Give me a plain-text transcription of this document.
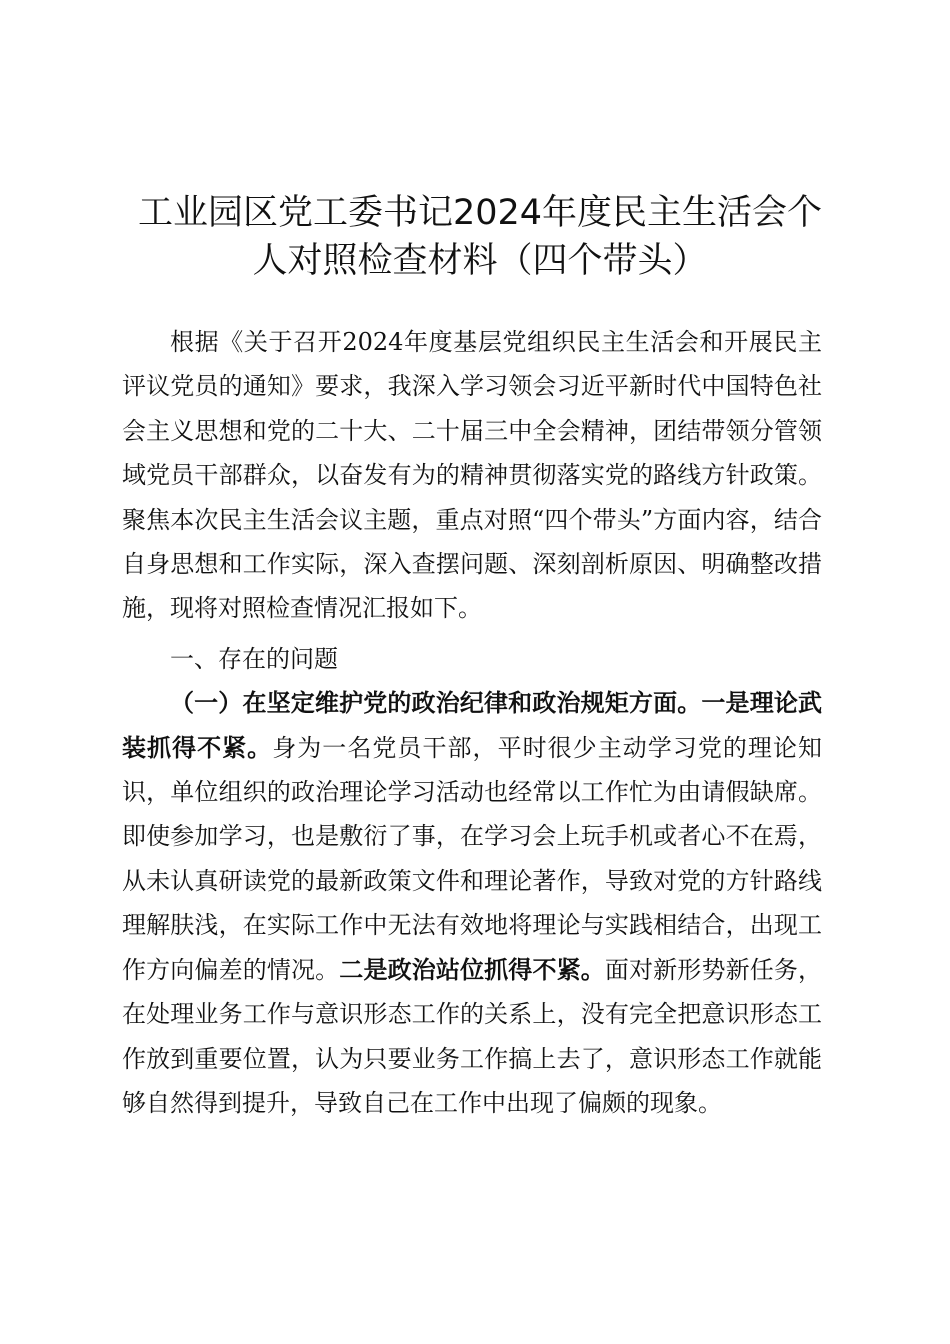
工业园区党工委书记2024年度民主生活会个
人对照检查材料（四个带头）

根据《关于召开2024年度基层党组织民主生活会和开展民主评议党员的通知》要求，我深入学习领会习近平新时代中国特色社会主义思想和党的二十大、二十届三中全会精神，团结带领分管领域党员干部群众，以奋发有为的精神贯彻落实党的路线方针政策。聚焦本次民主生活会议主题，重点对照“四个带头”方面内容，结合自身思想和工作实际，深入查摆问题、深刻剖析原因、明确整改措施，现将对照检查情况汇报如下。

一、存在的问题

（一）在坚定维护党的政治纪律和政治规矩方面。一是理论武装抓得不紧。身为一名党员干部，平时很少主动学习党的理论知识，单位组织的政治理论学习活动也经常以工作忙为由请假缺席。即使参加学习，也是敷衍了事，在学习会上玩手机或者心不在焉，从未认真研读党的最新政策文件和理论著作，导致对党的方针路线理解肤浅，在实际工作中无法有效地将理论与实践相结合，出现工作方向偏差的情况。二是政治站位抓得不紧。面对新形势新任务，在处理业务工作与意识形态工作的关系上，没有完全把意识形态工作放到重要位置，认为只要业务工作搞上去了，意识形态工作就能够自然得到提升，导致自己在工作中出现了偏颇的现象。
